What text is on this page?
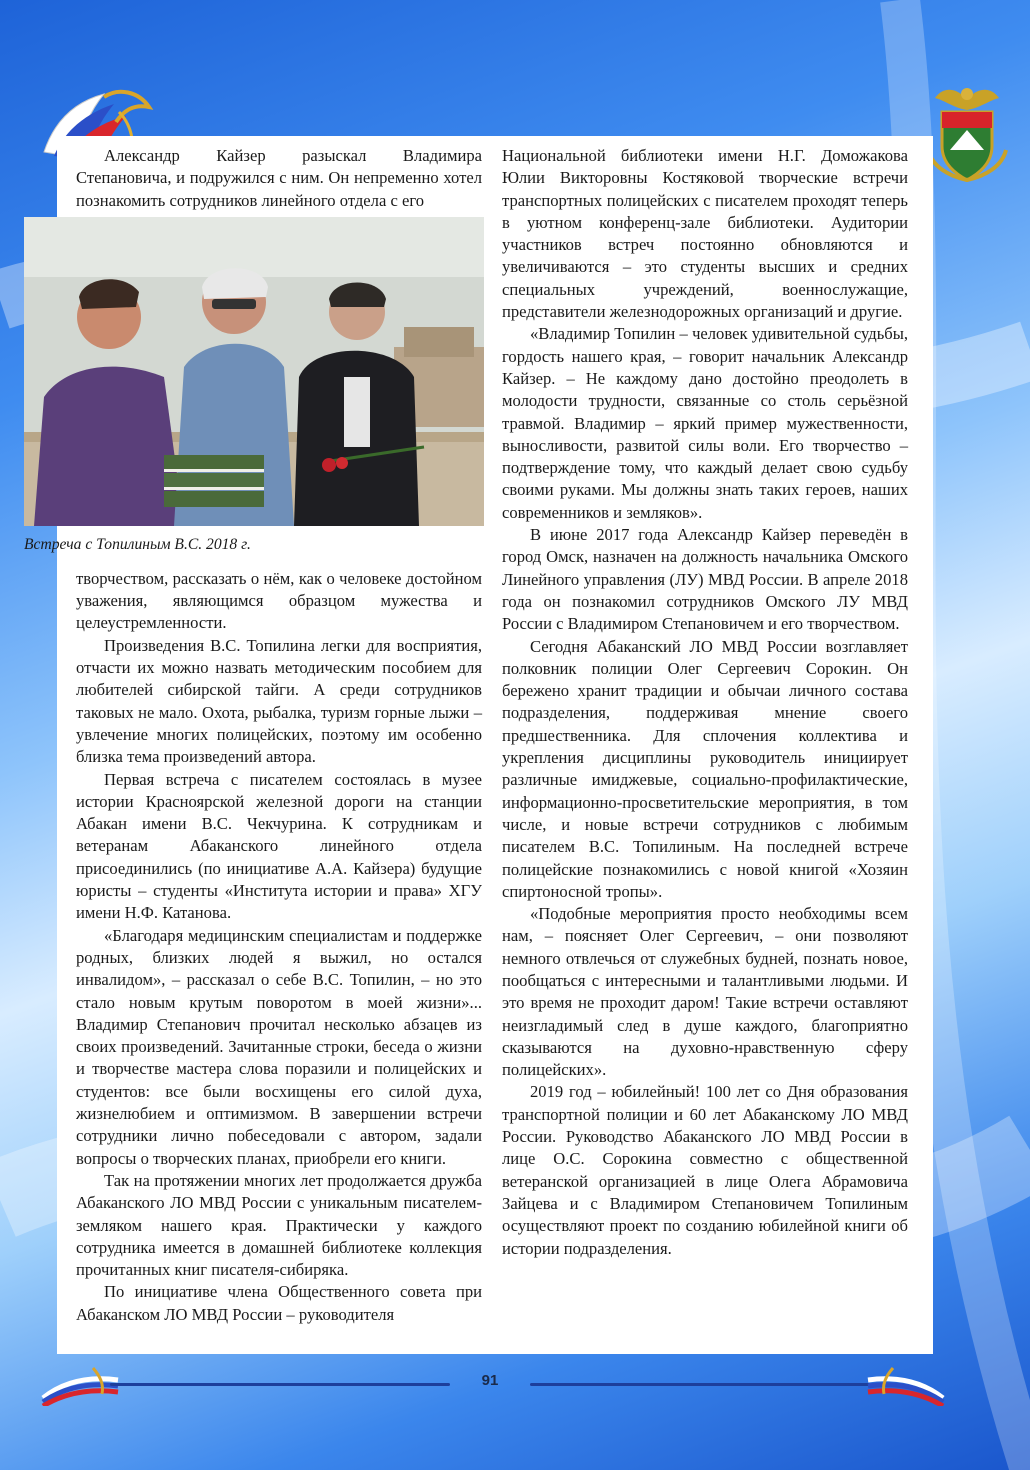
Александр Кайзер разыскал Владимира Степановича, и подружился с ним. Он непременно хотел познакомить сотрудников линейного отдела с его

Встреча с Топилиным В.С. 2018 г.

творчеством, рассказать о нём, как о человеке достойном уважения, являющимся образцом мужества и целеустремленности.

Произведения В.С. Топилина легки для восприятия, отчасти их можно назвать методическим пособием для любителей сибирской тайги. А среди сотрудников таковых не мало. Охота, рыбалка, туризм горные лыжи – увлечение многих полицейских, поэтому им особенно близка тема произведений автора.

Первая встреча с писателем состоялась в музее истории Красноярской железной дороги на станции Абакан имени В.С. Чекчурина. К сотрудникам и ветеранам Абаканского линейного отдела присоединились (по инициативе А.А. Кайзера) будущие юристы – студенты «Института истории и права» ХГУ имени Н.Ф. Катанова.

«Благодаря медицинским специалистам и поддержке родных, близких людей я выжил, но остался инвалидом», – рассказал о себе В.С. Топилин, – но это стало новым крутым поворотом в моей жизни»... Владимир Степанович прочитал несколько абзацев из своих произведений. Зачитанные строки, беседа о жизни и творчестве мастера слова поразили и полицейских и студентов: все были восхищены его силой духа, жизнелюбием и оптимизмом. В завершении встречи сотрудники лично побеседовали с автором, задали вопросы о творческих планах, приобрели его книги.

Так на протяжении многих лет продолжается дружба Абаканского ЛО МВД России с уникальным писателем-земляком нашего края. Практически у каждого сотрудника имеется в домашней библиотеке коллекция прочитанных книг писателя-сибиряка.

По инициативе члена Общественного совета при Абаканском ЛО МВД России – руководителя

Национальной библиотеки имени Н.Г. Доможакова Юлии Викторовны Костяковой творческие встречи транспортных полицейских с писателем проходят теперь в уютном конференц-зале библиотеки. Аудитории участников встреч постоянно обновляются и увеличиваются – это студенты высших и средних специальных учреждений, военнослужащие, представители железнодорожных организаций и другие.

«Владимир Топилин – человек удивительной судьбы, гордость нашего края, – говорит начальник Александр Кайзер. – Не каждому дано достойно преодолеть в молодости трудности, связанные со столь серьёзной травмой. Владимир – яркий пример мужественности, выносливости, развитой силы воли. Его творчество – подтверждение тому, что каждый делает свою судьбу своими руками. Мы должны знать таких героев, наших современников и земляков».

В июне 2017 года Александр Кайзер переведён в город Омск, назначен на должность начальника Омского Линейного управления (ЛУ) МВД России. В апреле 2018 года он познакомил сотрудников Омского ЛУ МВД России с Владимиром Степановичем и его творчеством.

Сегодня Абаканский ЛО МВД России возглавляет полковник полиции Олег Сергеевич Сорокин. Он бережено хранит традиции и обычаи личного состава подразделения, поддерживая мнение своего предшественника. Для сплочения коллектива и укрепления дисциплины руководитель инициирует различные имиджевые, социально-профилактические, информационно-просветительские мероприятия, в том числе, и новые встречи сотрудников с любимым писателем В.С. Топилиным. На последней встрече полицейские познакомились с новой книгой «Хозяин спиртоносной тропы».

«Подобные мероприятия просто необходимы всем нам, – поясняет Олег Сергеевич, – они позволяют немного отвлечься от служебных будней, познать новое, пообщаться с интересными и талантливыми людьми. И это время не проходит даром! Такие встречи оставляют неизгладимый след в душе каждого, благоприятно сказываются на духовно-нравственную сферу полицейских».

2019 год – юбилейный! 100 лет со Дня образования транспортной полиции и 60 лет Абаканскому ЛО МВД России. Руководство Абаканского ЛО МВД России в лице О.С. Сорокина совместно с общественной ветеранской организацией в лице Олега Абрамовича Зайцева и с Владимиром Степановичем Топилиным осуществляют проект по созданию юбилейной книги об истории подразделения.

91
